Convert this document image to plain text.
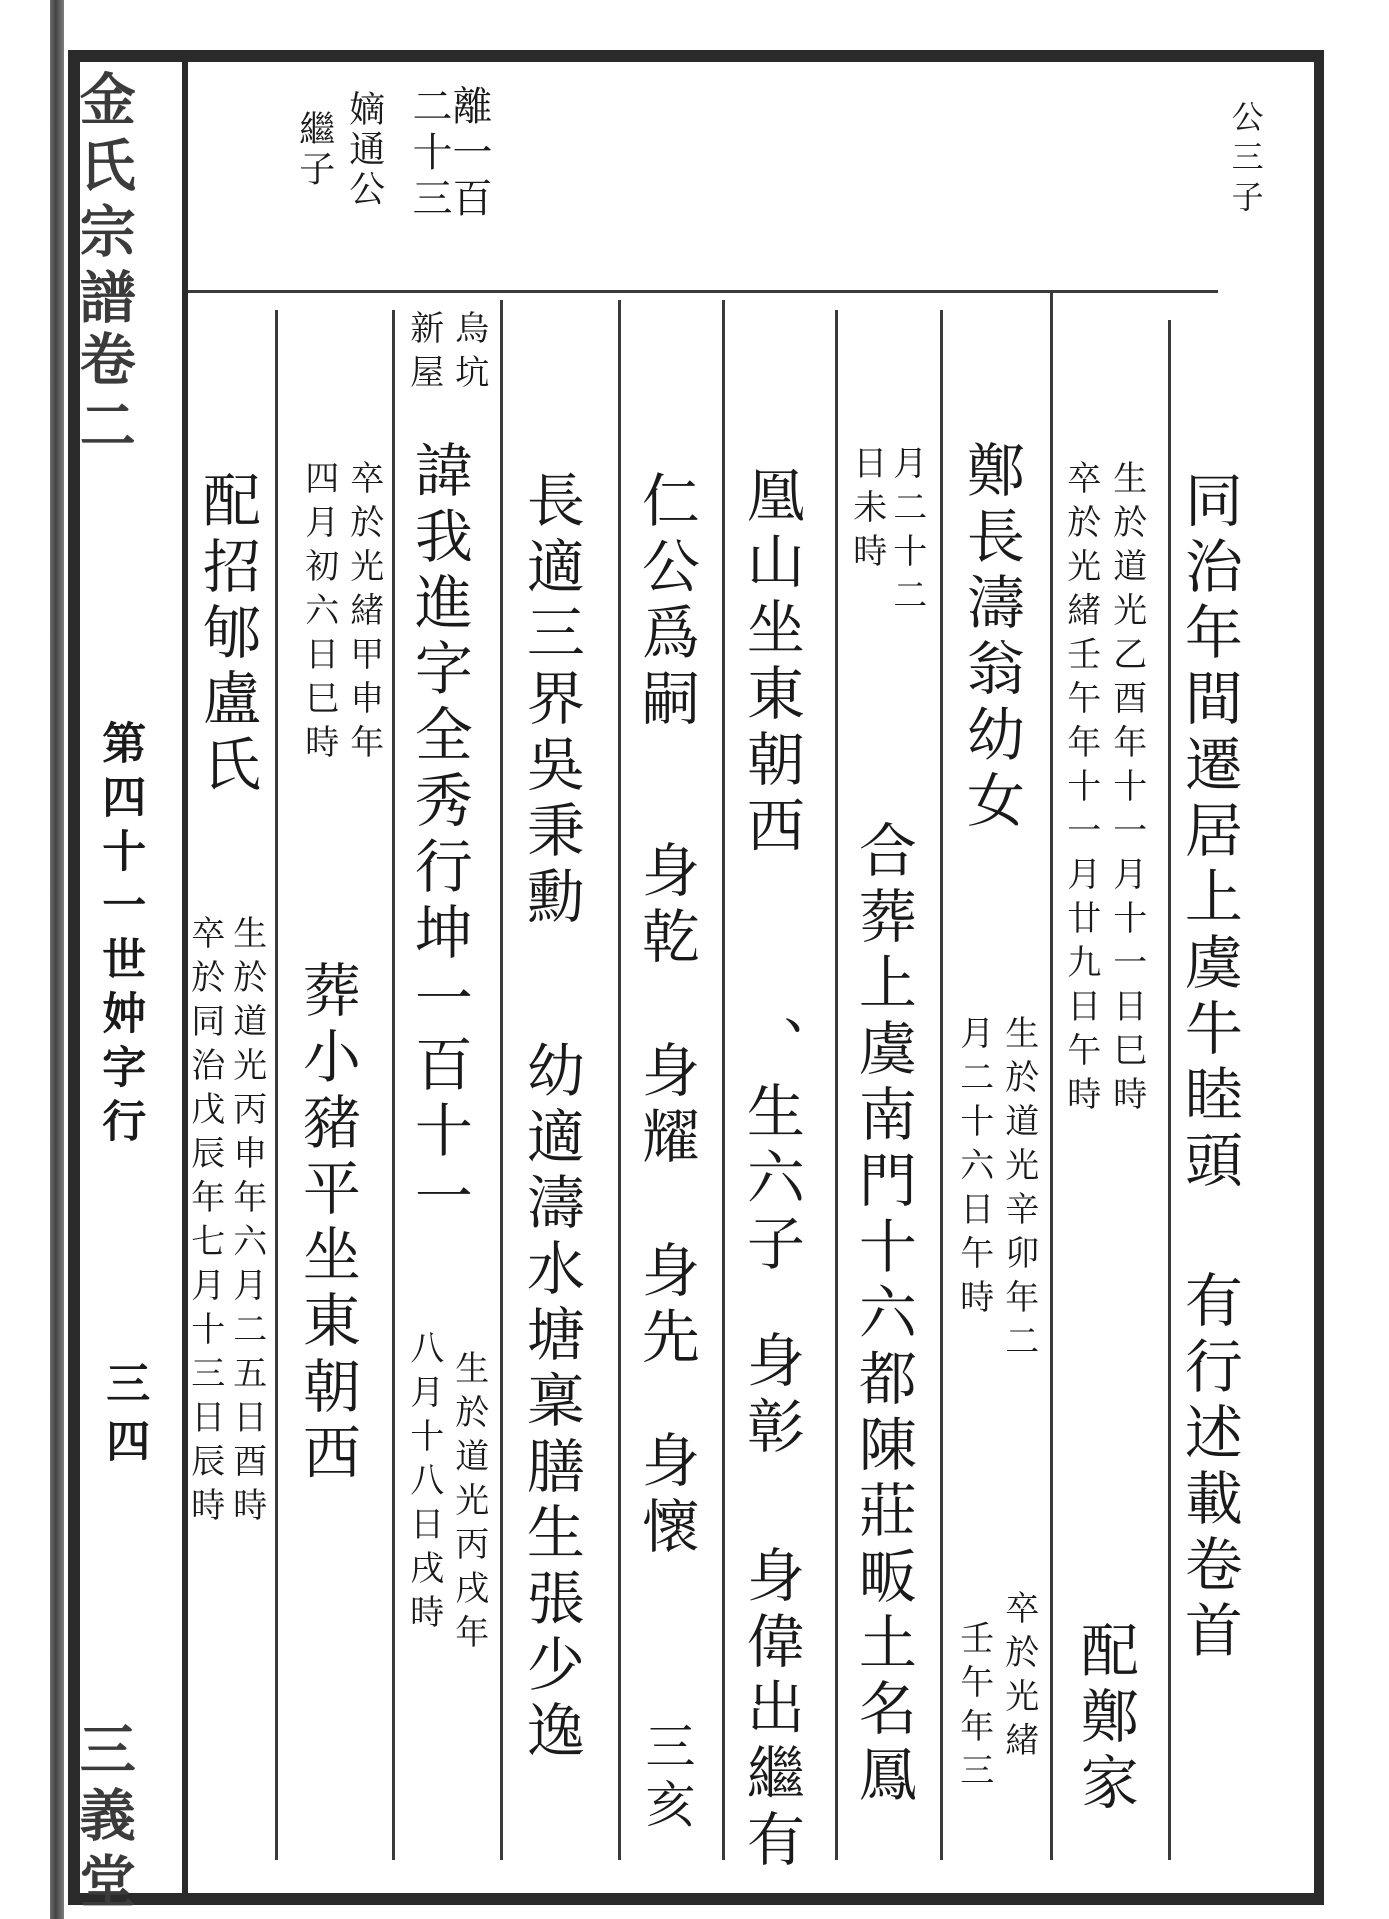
金氏宗譜
卷二
第四十一世妕字行
三四
三義堂
公三子
離一百
二十三
嫡通公
繼子
同治年間遷居上虞牛睦頭
有行述載卷首
生於道光乙酉年十一月十一日巳時
卒於光緒壬午年十一月廿九日午時
配鄭家
鄭長濤翁幼女
生於道光辛卯年二
月二十六日午時
卒於光緒
壬午年三
月二十二
日未時
合葬上虞南門十六都陳莊畈土名鳳
凰山坐東朝西
、生六子
身彰
身偉出繼有
仁公爲嗣
身乾
身耀
身先
身懷
三亥
長適三界吳秉勳
幼適濤水塘稟膳生張少逸
烏坑
新屋
諱我進字全秀行坤一百十一
生於道光丙戌年
八月十八日戌時
卒於光緒甲申年
四月初六日巳時
葬小豬平坐東朝西
配招郇盧氏
生於道光丙申年六月二五日酉時
卒於同治戊辰年七月十三日辰時
